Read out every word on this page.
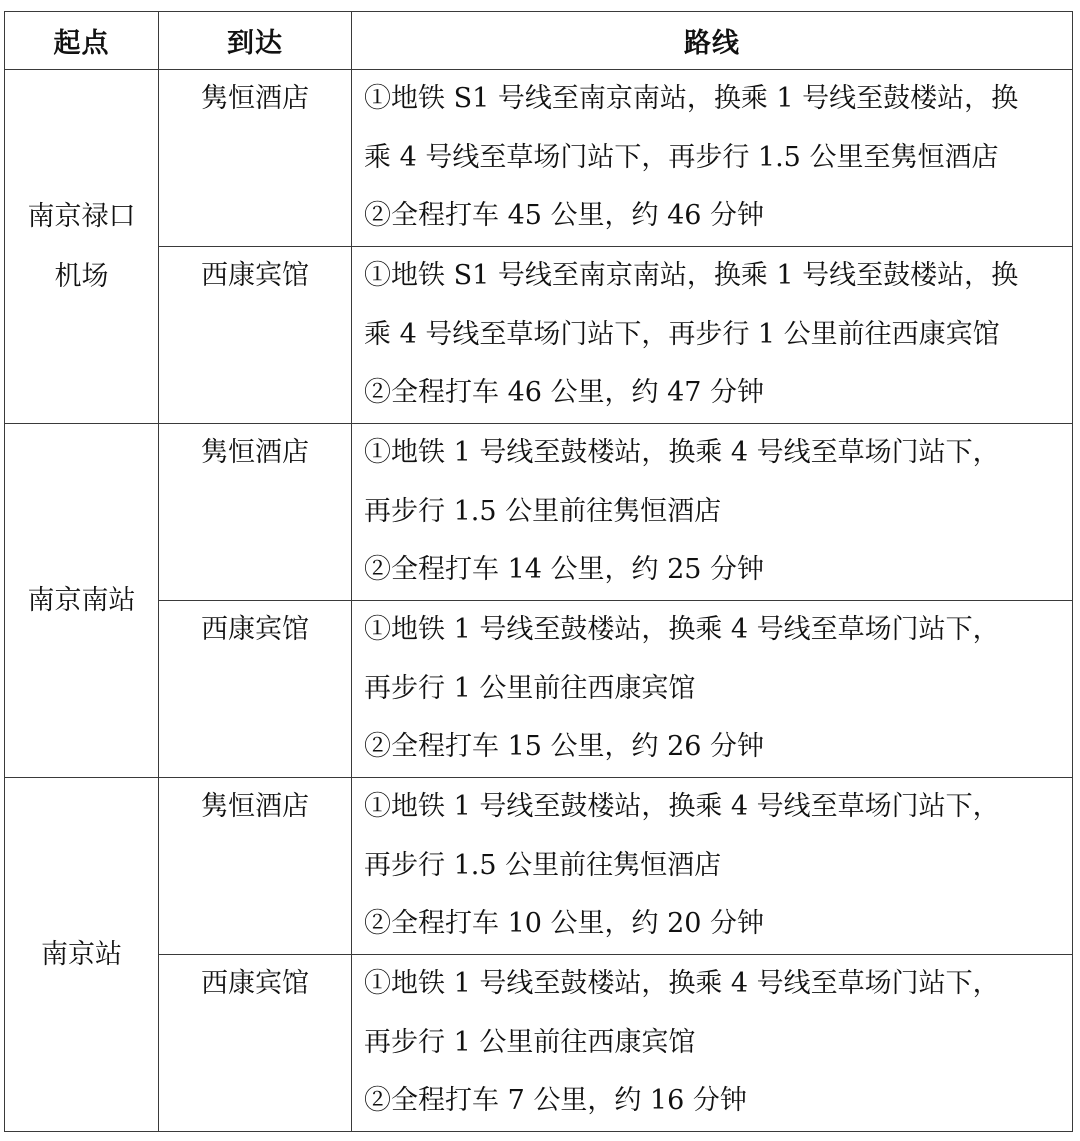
起点	到达	路线
南京禄口机场	隽恒酒店	①地铁 S1 号线至南京南站，换乘 1 号线至鼓楼站，换
乘 4 号线至草场门站下，再步行 1.5 公里至隽恒酒店
②全程打车 45 公里，约 46 分钟

	西康宾馆	①地铁 S1 号线至南京南站，换乘 1 号线至鼓楼站，换
乘 4 号线至草场门站下，再步行 1 公里前往西康宾馆
②全程打车 46 公里，约 47 分钟

南京南站	隽恒酒店	①地铁 1 号线至鼓楼站，换乘 4 号线至草场门站下，
再步行 1.5 公里前往隽恒酒店
②全程打车 14 公里，约 25 分钟

	西康宾馆	①地铁 1 号线至鼓楼站，换乘 4 号线至草场门站下，
再步行 1 公里前往西康宾馆
②全程打车 15 公里，约 26 分钟

南京站	隽恒酒店	①地铁 1 号线至鼓楼站，换乘 4 号线至草场门站下，
再步行 1.5 公里前往隽恒酒店
②全程打车 10 公里，约 20 分钟

	西康宾馆	①地铁 1 号线至鼓楼站，换乘 4 号线至草场门站下，
再步行 1 公里前往西康宾馆
②全程打车 7 公里，约 16 分钟
